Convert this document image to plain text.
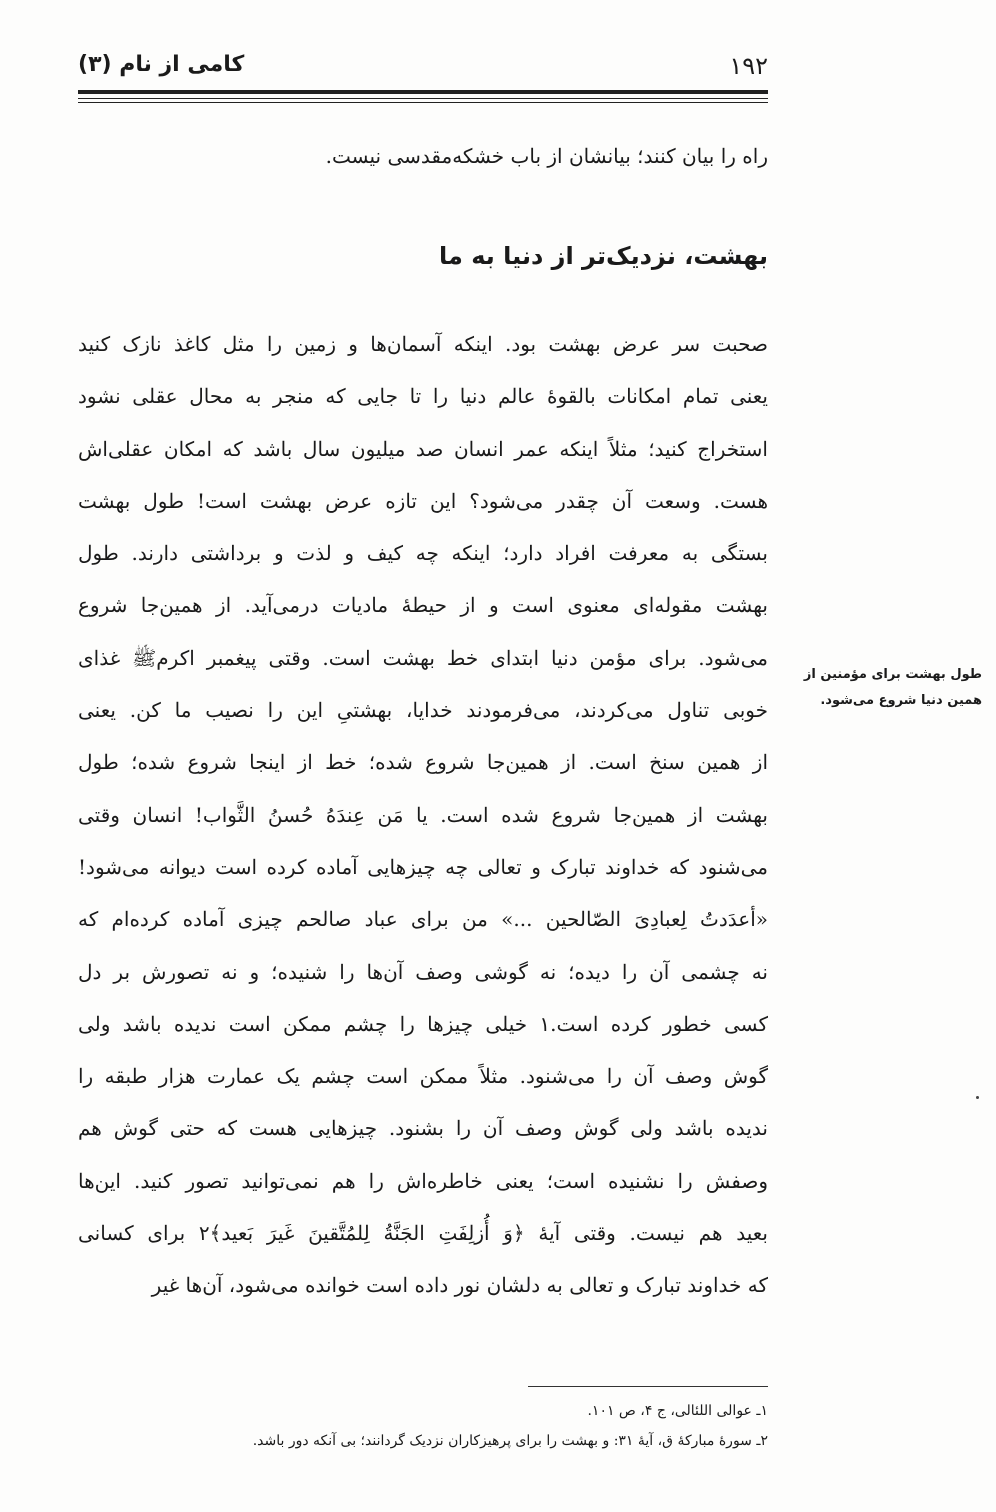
۱۹۲
کامی از نام (۳)
راه را بیان کنند؛ بیانشان از باب خشکه‌مقدسی نیست.
بهشت، نزدیک‌تر از دنیا به ما
صحبت سر عرض بهشت بود. اینکه آسمان‌ها و زمین را مثل کاغذ نازک کنید
یعنی تمام امکانات بالقوهٔ عالم دنیا را تا جایی که منجر به محال عقلی نشود
استخراج کنید؛ مثلاً اینکه عمر انسان صد میلیون سال باشد که امکان عقلی‌اش
هست. وسعت آن چقدر می‌شود؟ این تازه عرض بهشت است! طول بهشت
بستگی به معرفت افراد دارد؛ اینکه چه کیف و لذت و برداشتی دارند. طول
بهشت مقوله‌ای معنوی است و از حیطهٔ مادیات درمی‌آید. از همین‌جا شروع
می‌شود. برای مؤمن دنیا ابتدای خط بهشت است. وقتی پیغمبر اکرمﷺ غذای
خوبی تناول می‌کردند، می‌فرمودند خدایا، بهشتیِ این را نصیب ما کن. یعنی
از همین سنخ است. از همین‌جا شروع شده؛ خط از اینجا شروع شده؛ طول
بهشت از همین‌جا شروع شده است. یا مَن عِندَهُ حُسنُ الثَّواب! انسان وقتی
می‌شنود که خداوند تبارک و تعالی چه چیزهایی آماده کرده است دیوانه می‌شود!
«أعدَدتُ لِعبادِیَ الصّالحین ...» من برای عباد صالحم چیزی آماده کرده‌ام که
نه چشمی آن را دیده؛ نه گوشی وصف آن‌ها را شنیده؛ و نه تصورش بر دل
کسی خطور کرده است.۱ خیلی چیزها را چشم ممکن است ندیده باشد ولی
گوش وصف آن را می‌شنود. مثلاً ممکن است چشم یک عمارت هزار طبقه را
ندیده باشد ولی گوش وصف آن را بشنود. چیزهایی هست که حتی گوش هم
وصفش را نشنیده است؛ یعنی خاطره‌اش را هم نمی‌توانید تصور کنید. این‌ها
بعید هم نیست. وقتی آیهٔ ﴿وَ أُزلِفَتِ الجَنَّةُ لِلمُتَّقینَ غَیرَ بَعید﴾۲ برای کسانی
که خداوند تبارک و تعالی به دلشان نور داده است خوانده می‌شود، آن‌ها غیر
طول بهشت برای مؤمنین از
همین دنیا شروع می‌شود.
۱ـ عوالی اللئالی، ج ۴، ص ۱۰۱.
۲ـ سورهٔ مبارکهٔ ق، آیهٔ ۳۱: و بهشت را برای پرهیزکاران نزدیک گردانند؛ بی آنکه دور باشد.
